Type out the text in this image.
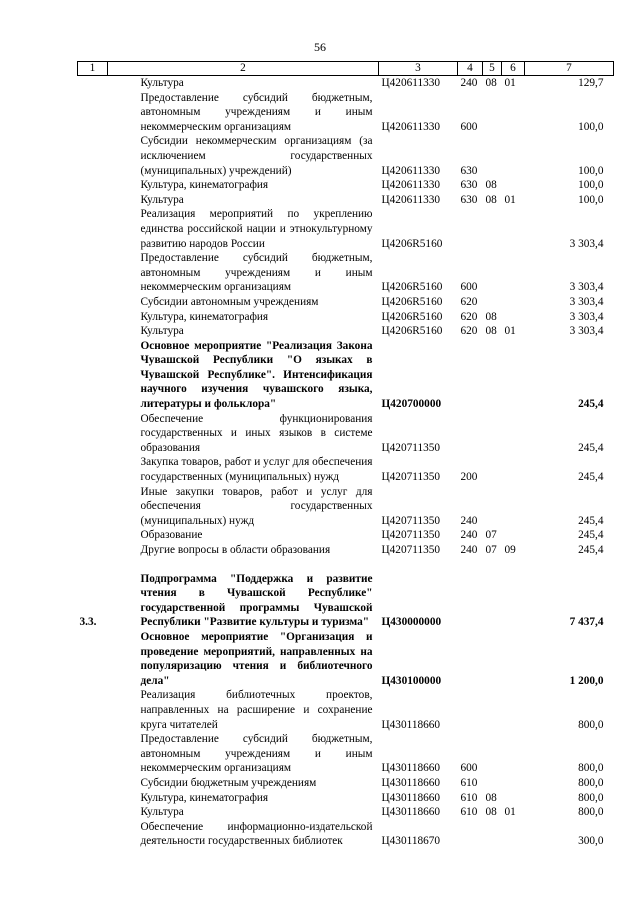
56
1	2	3	4	5	6	7
	Культура	Ц420611330	240	08	01	129,7
	Предоставление субсидий бюджетным, автономным учреждениям и иным некоммерческим организациям	Ц420611330	600			100,0
	Субсидии некоммерческим организациям (за исключением государственных (муниципальных) учреждений)	Ц420611330	630			100,0
	Культура, кинематография	Ц420611330	630	08		100,0
	Культура	Ц420611330	630	08	01	100,0
	Реализация мероприятий по укреплению единства российской нации и этнокультурному развитию народов России	Ц4206R5160				3 303,4
	Предоставление субсидий бюджетным, автономным учреждениям и иным некоммерческим организациям	Ц4206R5160	600			3 303,4
	Субсидии автономным учреждениям	Ц4206R5160	620			3 303,4
	Культура, кинематография	Ц4206R5160	620	08		3 303,4
	Культура	Ц4206R5160	620	08	01	3 303,4
	Основное мероприятие "Реализация Закона Чувашской Республики "О языках в Чувашской Республике". Интенсификация научного изучения чувашского языка, литературы и фольклора"	Ц420700000				245,4
	Обеспечение функционирования государственных и иных языков в системе образования	Ц420711350				245,4
	Закупка товаров, работ и услуг для обеспечения государственных (муниципальных) нужд	Ц420711350	200			245,4
	Иные закупки товаров, работ и услуг для обеспечения государственных (муниципальных) нужд	Ц420711350	240			245,4
	Образование	Ц420711350	240	07		245,4
	Другие вопросы в области образования	Ц420711350	240	07	09	245,4

3.3.	Подпрограмма "Поддержка и развитие чтения в Чувашской Республике" государственной программы Чувашской Республики "Развитие культуры и туризма"	Ц430000000				7 437,4
	Основное мероприятие "Организация и проведение мероприятий, направленных на популяризацию чтения и библиотечного дела"	Ц430100000				1 200,0
	Реализация библиотечных проектов, направленных на расширение и сохранение круга читателей	Ц430118660				800,0
	Предоставление субсидий бюджетным, автономным учреждениям и иным некоммерческим организациям	Ц430118660	600			800,0
	Субсидии бюджетным учреждениям	Ц430118660	610			800,0
	Культура, кинематография	Ц430118660	610	08		800,0
	Культура	Ц430118660	610	08	01	800,0
	Обеспечение информационно-издательской деятельности государственных библиотек	Ц430118670				300,0
